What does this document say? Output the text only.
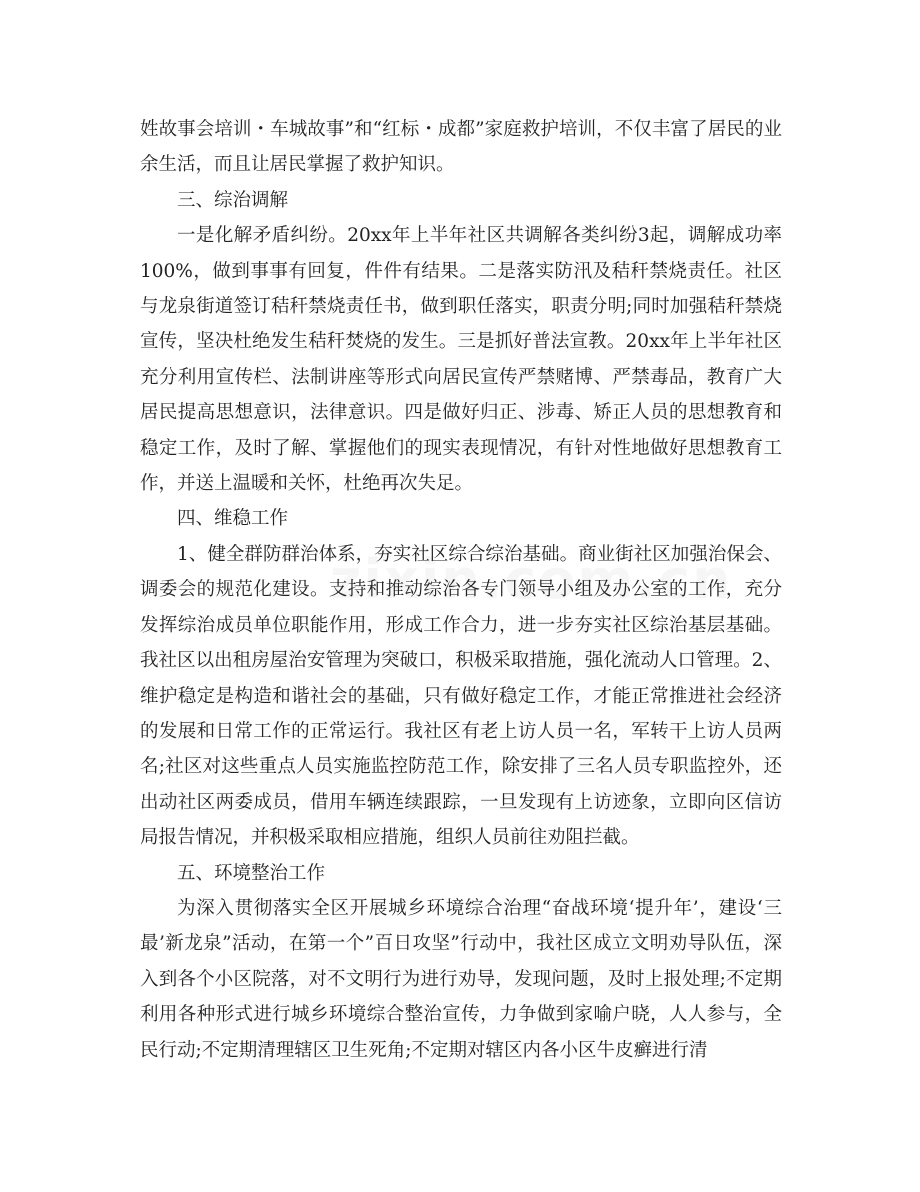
姓故事会培训・车城故事”和“红标・成都”家庭救护培训，不仅丰富了居民的业余生活，而且让居民掌握了救护知识。

三、综治调解

一是化解矛盾纠纷。20xx年上半年社区共调解各类纠纷3起，调解成功率100%，做到事事有回复，件件有结果。二是落实防汛及秸秆禁烧责任。社区与龙泉街道签订秸秆禁烧责任书，做到职任落实，职责分明;同时加强秸秆禁烧宣传，坚决杜绝发生秸秆焚烧的发生。三是抓好普法宣教。20xx年上半年社区充分利用宣传栏、法制讲座等形式向居民宣传严禁赌博、严禁毒品，教育广大居民提高思想意识，法律意识。四是做好归正、涉毒、矫正人员的思想教育和稳定工作，及时了解、掌握他们的现实表现情况，有针对性地做好思想教育工作，并送上温暖和关怀，杜绝再次失足。

四、维稳工作

1、健全群防群治体系，夯实社区综合综治基础。商业街社区加强治保会、调委会的规范化建设。支持和推动综治各专门领导小组及办公室的工作，充分发挥综治成员单位职能作用，形成工作合力，进一步夯实社区综治基层基础。我社区以出租房屋治安管理为突破口，积极采取措施，强化流动人口管理。2、维护稳定是构造和谐社会的基础，只有做好稳定工作，才能正常推进社会经济的发展和日常工作的正常运行。我社区有老上访人员一名，军转干上访人员两名;社区对这些重点人员实施监控防范工作，除安排了三名人员专职监控外，还出动社区两委成员，借用车辆连续跟踪，一旦发现有上访迹象，立即向区信访局报告情况，并积极采取相应措施，组织人员前往劝阻拦截。

五、环境整治工作

为深入贯彻落实全区开展城乡环境综合治理“奋战环境‘提升年’，建设‘三最’新龙泉”活动，在第一个”百日攻坚”行动中，我社区成立文明劝导队伍，深入到各个小区院落，对不文明行为进行劝导，发现问题，及时上报处理;不定期利用各种形式进行城乡环境综合整治宣传，力争做到家喻户晓，人人参与，全民行动;不定期清理辖区卫生死角;不定期对辖区内各小区牛皮癣进行清
